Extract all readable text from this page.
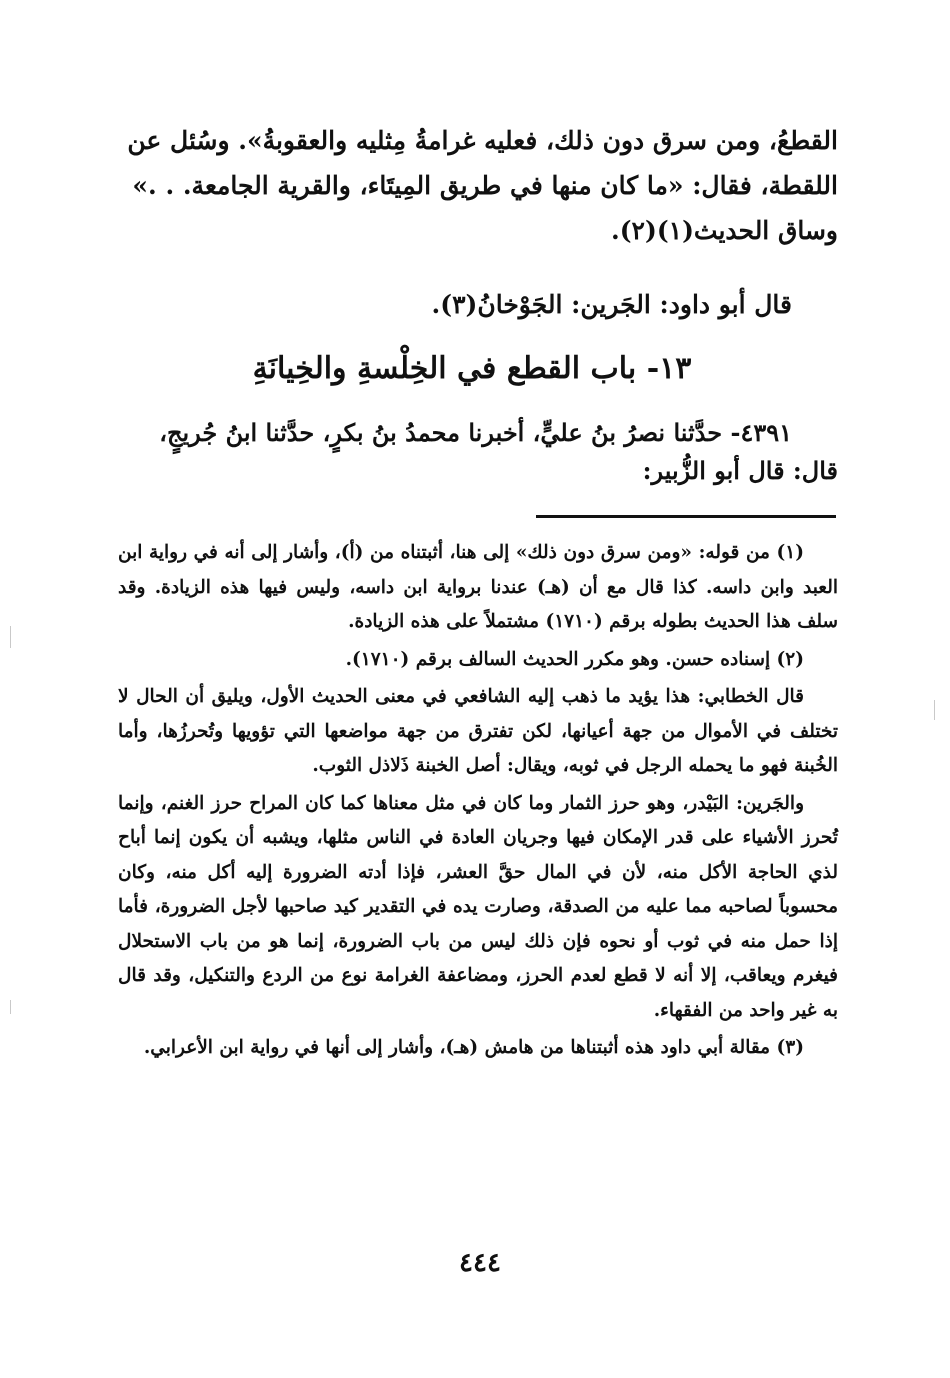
القطعُ، ومن سرق دون ذلك، فعليه غرامةُ مِثليه والعقوبةُ». وسُئل عن

اللقطة، فقال: «ما كان منها في طريق المِيتَاء، والقرية الجامعة. . .»

وساق الحديث(١)(٢).

قال أبو داود: الجَرين: الجَوْخانُ(٣).
١٣- باب القطع في الخِلْسةِ والخِيانَةِ
٤٣٩١- حدَّثنا نصرُ بنُ عليٍّ، أخبرنا محمدُ بنُ بكرٍ، حدَّثنا ابنُ جُريجٍ،
قال: قال أبو الزُّبير:

(١) من قوله: «ومن سرق دون ذلك» إلى هنا، أثبتناه من (أ)، وأشار إلى أنه في رواية ابن العبد وابن داسه. كذا قال مع أن (هـ) عندنا برواية ابن داسه، وليس فيها هذه الزيادة. وقد سلف هذا الحديث بطوله برقم (١٧١٠) مشتملاً على هذه الزيادة.

(٢) إسناده حسن. وهو مكرر الحديث السالف برقم (١٧١٠).

قال الخطابي: هذا يؤيد ما ذهب إليه الشافعي في معنى الحديث الأول، ويليق أن الحال لا تختلف في الأموال من جهة أعيانها، لكن تفترق من جهة مواضعها التي تؤويها وتُحرزُها، وأما الخُبنة فهو ما يحمله الرجل في ثوبه، ويقال: أصل الخبنة ذَلاذل الثوب.

والجَرين: البَيْدر، وهو حرز الثمار وما كان في مثل معناها كما كان المراح حرز الغنم، وإنما تُحرز الأشياء على قدر الإمكان فيها وجريان العادة في الناس مثلها، ويشبه أن يكون إنما أباح لذي الحاجة الأكل منه، لأن في المال حقَّ العشر، فإذا أدته الضرورة إليه أكل منه، وكان محسوباً لصاحبه مما عليه من الصدقة، وصارت يده في التقدير كيد صاحبها لأجل الضرورة، فأما إذا حمل منه في ثوب أو نحوه فإن ذلك ليس من باب الضرورة، إنما هو من باب الاستحلال فيغرم ويعاقب، إلا أنه لا قطع لعدم الحرز، ومضاعفة الغرامة نوع من الردع والتنكيل، وقد قال به غير واحد من الفقهاء.

(٣) مقالة أبي داود هذه أثبتناها من هامش (هـ)، وأشار إلى أنها في رواية ابن الأعرابي.

٤٤٤
